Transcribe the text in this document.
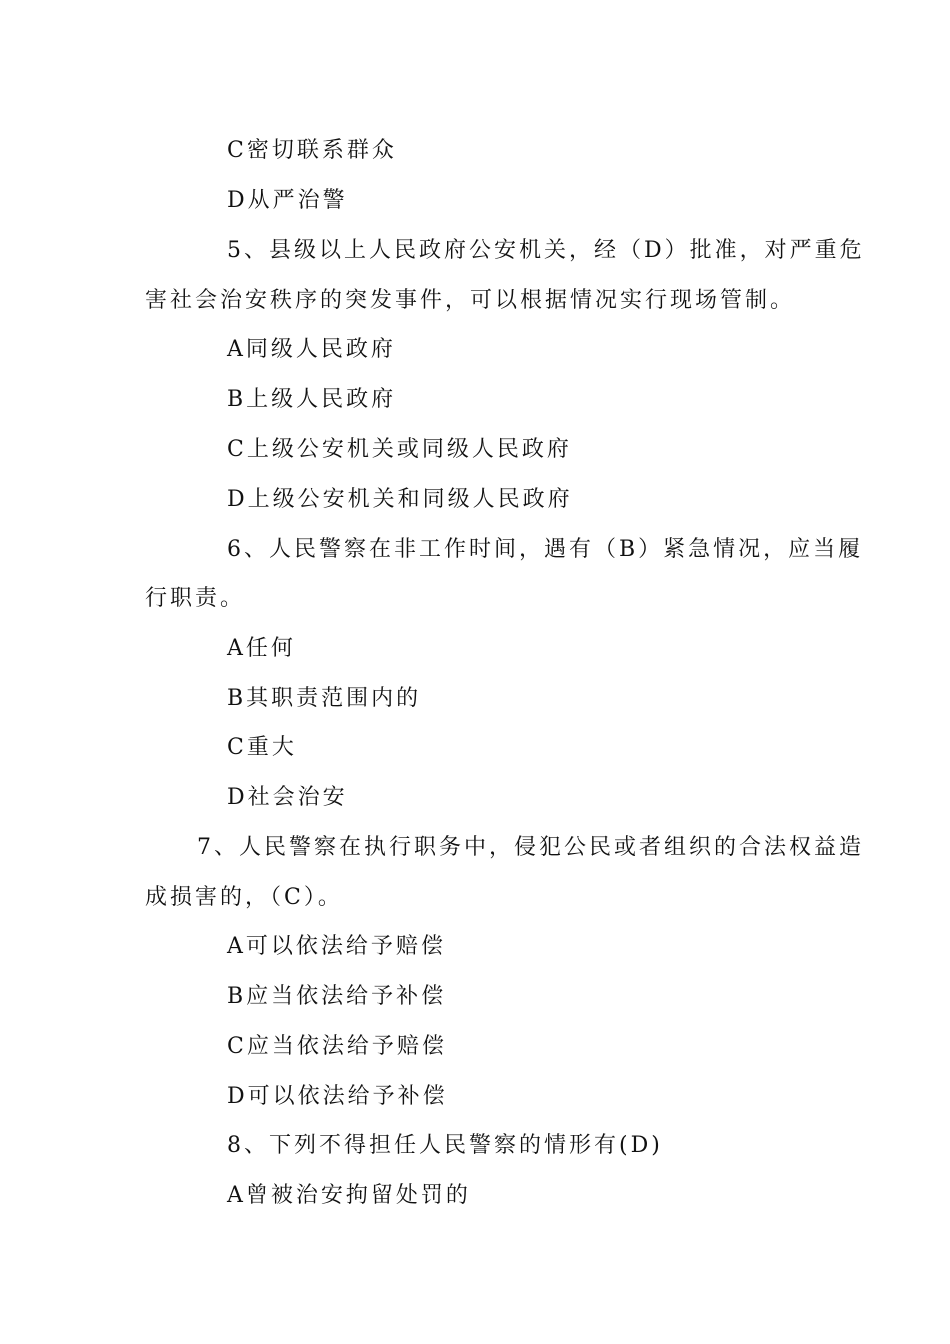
C密切联系群众
D从严治警
5、县级以上人民政府公安机关，经（D）批准，对严重危
害社会治安秩序的突发事件，可以根据情况实行现场管制。
A同级人民政府
B上级人民政府
C上级公安机关或同级人民政府
D上级公安机关和同级人民政府
6、人民警察在非工作时间，遇有（B）紧急情况，应当履
行职责。
A任何
B其职责范围内的
C重大
D社会治安
7、人民警察在执行职务中，侵犯公民或者组织的合法权益造
成损害的，（C）。
A可以依法给予赔偿
B应当依法给予补偿
C应当依法给予赔偿
D可以依法给予补偿
8、下列不得担任人民警察的情形有(D)
A曾被治安拘留处罚的
